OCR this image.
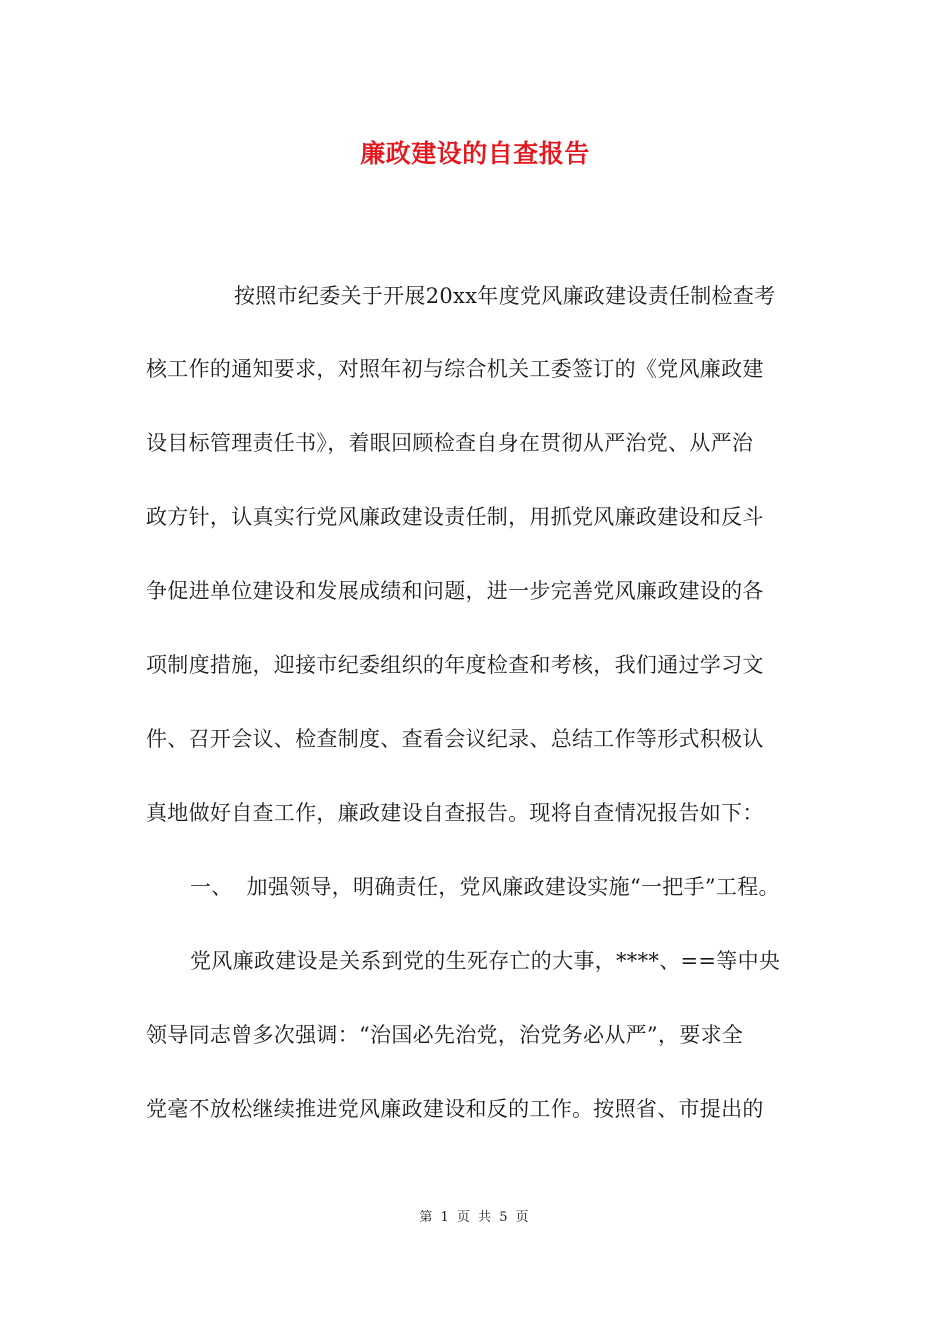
廉政建设的自查报告
按照市纪委关于开展20xx年度党风廉政建设责任制检查考
核工作的通知要求，对照年初与综合机关工委签订的《党风廉政建
设目标管理责任书》，着眼回顾检查自身在贯彻从严治党、从严治
政方针，认真实行党风廉政建设责任制，用抓党风廉政建设和反斗
争促进单位建设和发展成绩和问题，进一步完善党风廉政建设的各
项制度措施，迎接市纪委组织的年度检查和考核，我们通过学习文
件、召开会议、检查制度、查看会议纪录、总结工作等形式积极认
真地做好自查工作，廉政建设自查报告。现将自查情况报告如下：
一、  加强领导，明确责任，党风廉政建设实施“一把手”工程。
党风廉政建设是关系到党的生死存亡的大事，****、==等中央
领导同志曾多次强调：“治国必先治党，治党务必从严”，要求全
党毫不放松继续推进党风廉政建设和反的工作。按照省、市提出的
第 1 页 共 5 页
